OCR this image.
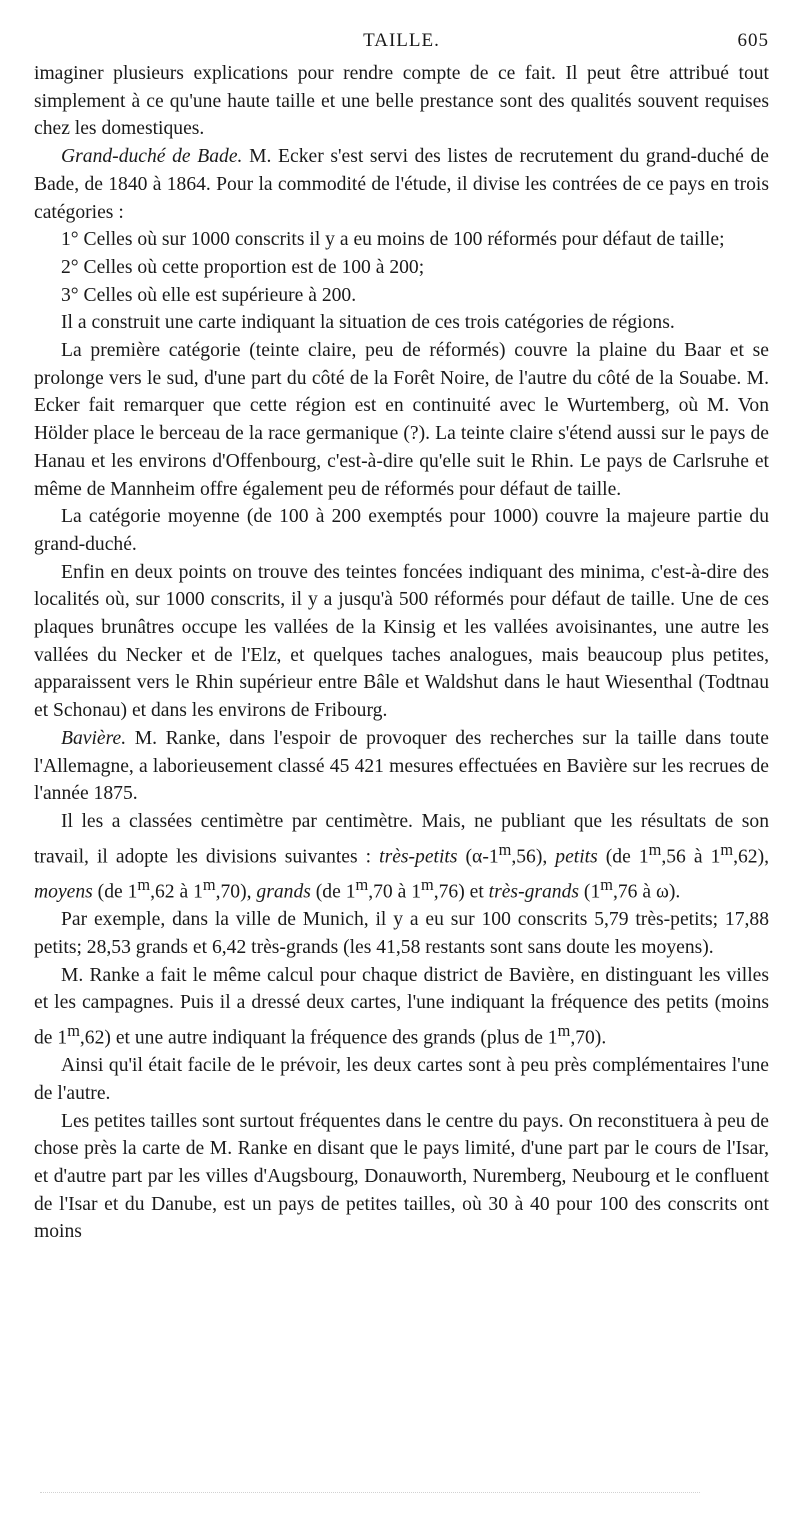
TAILLE.	605

imaginer plusieurs explications pour rendre compte de ce fait. Il peut être attribué tout simplement à ce qu'une haute taille et une belle prestance sont des qualités souvent requises chez les domestiques.

Grand-duché de Bade. M. Ecker s'est servi des listes de recrutement du grand-duché de Bade, de 1840 à 1864. Pour la commodité de l'étude, il divise les contrées de ce pays en trois catégories :

1° Celles où sur 1000 conscrits il y a eu moins de 100 réformés pour défaut de taille;

2° Celles où cette proportion est de 100 à 200;

3° Celles où elle est supérieure à 200.

Il a construit une carte indiquant la situation de ces trois catégories de régions.

La première catégorie (teinte claire, peu de réformés) couvre la plaine du Baar et se prolonge vers le sud, d'une part du côté de la Forêt Noire, de l'autre du côté de la Souabe. M. Ecker fait remarquer que cette région est en continuité avec le Wurtemberg, où M. Von Hölder place le berceau de la race germanique (?). La teinte claire s'étend aussi sur le pays de Hanau et les environs d'Offenbourg, c'est-à-dire qu'elle suit le Rhin. Le pays de Carlsruhe et même de Mannheim offre également peu de réformés pour défaut de taille.

La catégorie moyenne (de 100 à 200 exemptés pour 1000) couvre la majeure partie du grand-duché.

Enfin en deux points on trouve des teintes foncées indiquant des minima, c'est-à-dire des localités où, sur 1000 conscrits, il y a jusqu'à 500 réformés pour défaut de taille. Une de ces plaques brunâtres occupe les vallées de la Kinsig et les vallées avoisinantes, une autre les vallées du Necker et de l'Elz, et quelques taches analogues, mais beaucoup plus petites, apparaissent vers le Rhin supérieur entre Bâle et Waldshut dans le haut Wiesenthal (Todtnau et Schonau) et dans les environs de Fribourg.

Bavière. M. Ranke, dans l'espoir de provoquer des recherches sur la taille dans toute l'Allemagne, a laborieusement classé 45 421 mesures effectuées en Bavière sur les recrues de l'année 1875.

Il les a classées centimètre par centimètre. Mais, ne publiant que les résultats de son travail, il adopte les divisions suivantes : très-petits (α-1$^m$,56), petits (de 1$^m$,56 à 1$^m$,62), moyens (de 1$^m$,62 à 1$^m$,70), grands (de 1$^m$,70 à 1$^m$,76) et très-grands (1$^m$,76 à ω).

Par exemple, dans la ville de Munich, il y a eu sur 100 conscrits 5,79 très-petits; 17,88 petits; 28,53 grands et 6,42 très-grands (les 41,58 restants sont sans doute les moyens).

M. Ranke a fait le même calcul pour chaque district de Bavière, en distinguant les villes et les campagnes. Puis il a dressé deux cartes, l'une indiquant la fréquence des petits (moins de 1$^m$,62) et une autre indiquant la fréquence des grands (plus de 1$^m$,70).

Ainsi qu'il était facile de le prévoir, les deux cartes sont à peu près complémentaires l'une de l'autre.

Les petites tailles sont surtout fréquentes dans le centre du pays. On reconstituera à peu de chose près la carte de M. Ranke en disant que le pays limité, d'une part par le cours de l'Isar, et d'autre part par les villes d'Augsbourg, Donauworth, Nuremberg, Neubourg et le confluent de l'Isar et du Danube, est un pays de petites tailles, où 30 à 40 pour 100 des conscrits ont moins
